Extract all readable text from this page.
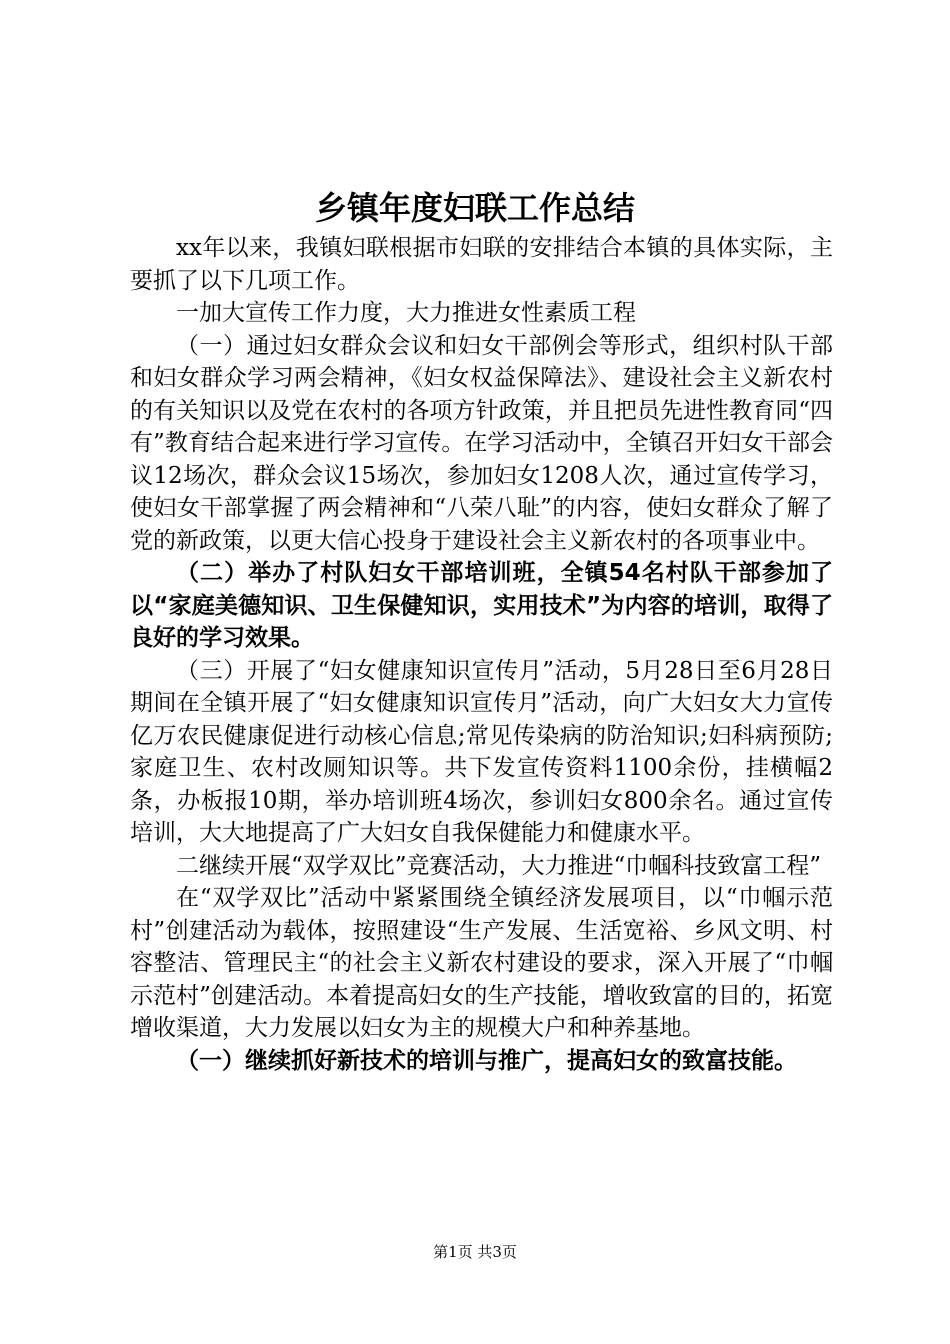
乡镇年度妇联工作总结

xx年以来，我镇妇联根据市妇联的安排结合本镇的具体实际，主要抓了以下几项工作。

一加大宣传工作力度，大力推进女性素质工程

（一）通过妇女群众会议和妇女干部例会等形式，组织村队干部和妇女群众学习两会精神，《妇女权益保障法》、建设社会主义新农村的有关知识以及党在农村的各项方针政策，并且把员先进性教育同“四有”教育结合起来进行学习宣传。在学习活动中，全镇召开妇女干部会议12场次，群众会议15场次，参加妇女1208人次，通过宣传学习，使妇女干部掌握了两会精神和“八荣八耻”的内容，使妇女群众了解了党的新政策，以更大信心投身于建设社会主义新农村的各项事业中。

（二）举办了村队妇女干部培训班，全镇54名村队干部参加了以“家庭美德知识、卫生保健知识，实用技术”为内容的培训，取得了良好的学习效果。

（三）开展了“妇女健康知识宣传月”活动，5月28日至6月28日期间在全镇开展了“妇女健康知识宣传月”活动，向广大妇女大力宣传亿万农民健康促进行动核心信息;常见传染病的防治知识;妇科病预防;家庭卫生、农村改厕知识等。共下发宣传资料1100余份，挂横幅2条，办板报10期，举办培训班4场次，参训妇女800余名。通过宣传培训，大大地提高了广大妇女自我保健能力和健康水平。

二继续开展“双学双比”竞赛活动，大力推进“巾帼科技致富工程”

在“双学双比”活动中紧紧围绕全镇经济发展项目，以“巾帼示范村”创建活动为载体，按照建设“生产发展、生活宽裕、乡风文明、村容整洁、管理民主“的社会主义新农村建设的要求，深入开展了“巾帼示范村”创建活动。本着提高妇女的生产技能，增收致富的目的，拓宽增收渠道，大力发展以妇女为主的规模大户和种养基地。

（一）继续抓好新技术的培训与推广，提高妇女的致富技能。

第1页 共3页
